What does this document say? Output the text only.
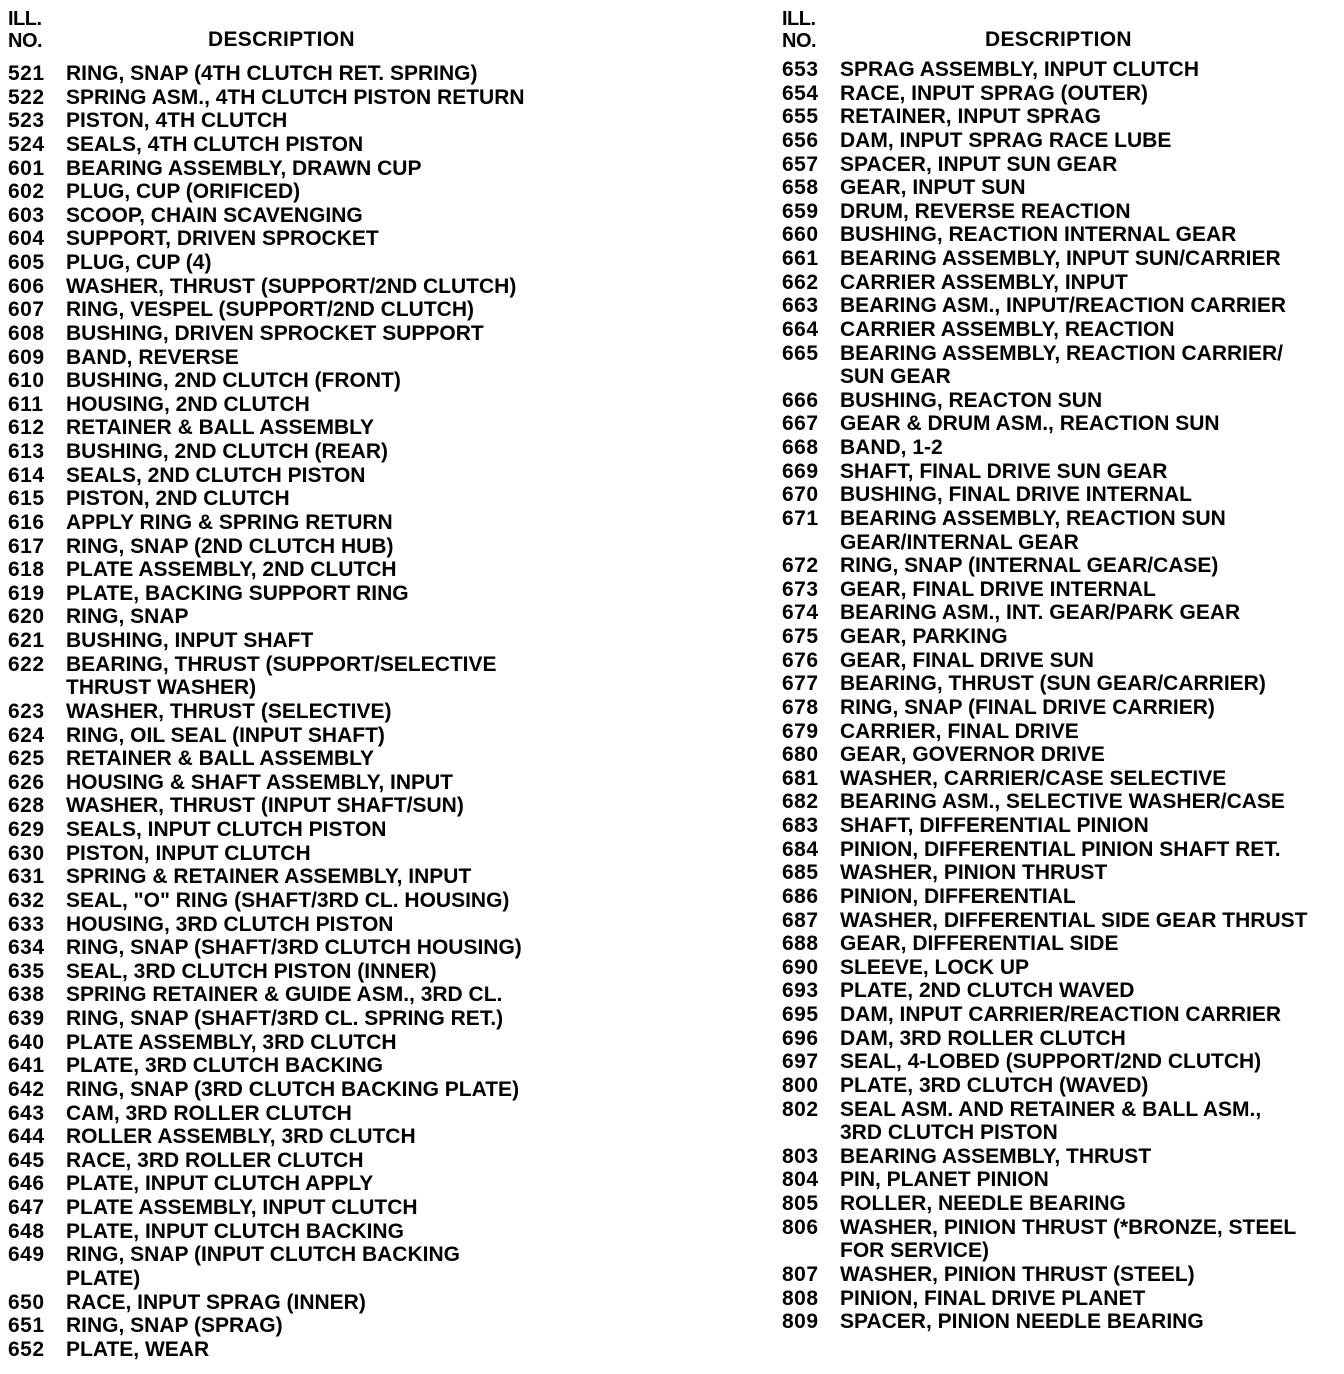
ILL.
NO.	DESCRIPTION
521	RING, SNAP (4TH CLUTCH RET. SPRING)
522	SPRING ASM., 4TH CLUTCH PISTON RETURN
523	PISTON, 4TH CLUTCH
524	SEALS, 4TH CLUTCH PISTON
601	BEARING ASSEMBLY, DRAWN CUP
602	PLUG, CUP (ORIFICED)
603	SCOOP, CHAIN SCAVENGING
604	SUPPORT, DRIVEN SPROCKET
605	PLUG, CUP (4)
606	WASHER, THRUST (SUPPORT/2ND CLUTCH)
607	RING, VESPEL (SUPPORT/2ND CLUTCH)
608	BUSHING, DRIVEN SPROCKET SUPPORT
609	BAND, REVERSE
610	BUSHING, 2ND CLUTCH (FRONT)
611	HOUSING, 2ND CLUTCH
612	RETAINER & BALL ASSEMBLY
613	BUSHING, 2ND CLUTCH (REAR)
614	SEALS, 2ND CLUTCH PISTON
615	PISTON, 2ND CLUTCH
616	APPLY RING & SPRING RETURN
617	RING, SNAP (2ND CLUTCH HUB)
618	PLATE ASSEMBLY, 2ND CLUTCH
619	PLATE, BACKING SUPPORT RING
620	RING, SNAP
621	BUSHING, INPUT SHAFT
622	BEARING, THRUST (SUPPORT/SELECTIVE
THRUST WASHER)
623	WASHER, THRUST (SELECTIVE)
624	RING, OIL SEAL (INPUT SHAFT)
625	RETAINER & BALL ASSEMBLY
626	HOUSING & SHAFT ASSEMBLY, INPUT
628	WASHER, THRUST (INPUT SHAFT/SUN)
629	SEALS, INPUT CLUTCH PISTON
630	PISTON, INPUT CLUTCH
631	SPRING & RETAINER ASSEMBLY, INPUT
632	SEAL, "O" RING (SHAFT/3RD CL. HOUSING)
633	HOUSING, 3RD CLUTCH PISTON
634	RING, SNAP (SHAFT/3RD CLUTCH HOUSING)
635	SEAL, 3RD CLUTCH PISTON (INNER)
638	SPRING RETAINER & GUIDE ASM., 3RD CL.
639	RING, SNAP (SHAFT/3RD CL. SPRING RET.)
640	PLATE ASSEMBLY, 3RD CLUTCH
641	PLATE, 3RD CLUTCH BACKING
642	RING, SNAP (3RD CLUTCH BACKING PLATE)
643	CAM, 3RD ROLLER CLUTCH
644	ROLLER ASSEMBLY, 3RD CLUTCH
645	RACE, 3RD ROLLER CLUTCH
646	PLATE, INPUT CLUTCH APPLY
647	PLATE ASSEMBLY, INPUT CLUTCH
648	PLATE, INPUT CLUTCH BACKING
649	RING, SNAP (INPUT CLUTCH BACKING
PLATE)
650	RACE, INPUT SPRAG (INNER)
651	RING, SNAP (SPRAG)
652	PLATE, WEAR
ILL.
NO.	DESCRIPTION
653	SPRAG ASSEMBLY, INPUT CLUTCH
654	RACE, INPUT SPRAG (OUTER)
655	RETAINER, INPUT SPRAG
656	DAM, INPUT SPRAG RACE LUBE
657	SPACER, INPUT SUN GEAR
658	GEAR, INPUT SUN
659	DRUM, REVERSE REACTION
660	BUSHING, REACTION INTERNAL GEAR
661	BEARING ASSEMBLY, INPUT SUN/CARRIER
662	CARRIER ASSEMBLY, INPUT
663	BEARING ASM., INPUT/REACTION CARRIER
664	CARRIER ASSEMBLY, REACTION
665	BEARING ASSEMBLY, REACTION CARRIER/
SUN GEAR
666	BUSHING, REACTON SUN
667	GEAR & DRUM ASM., REACTION SUN
668	BAND, 1-2
669	SHAFT, FINAL DRIVE SUN GEAR
670	BUSHING, FINAL DRIVE INTERNAL
671	BEARING ASSEMBLY, REACTION SUN
GEAR/INTERNAL GEAR
672	RING, SNAP (INTERNAL GEAR/CASE)
673	GEAR, FINAL DRIVE INTERNAL
674	BEARING ASM., INT. GEAR/PARK GEAR
675	GEAR, PARKING
676	GEAR, FINAL DRIVE SUN
677	BEARING, THRUST (SUN GEAR/CARRIER)
678	RING, SNAP (FINAL DRIVE CARRIER)
679	CARRIER, FINAL DRIVE
680	GEAR, GOVERNOR DRIVE
681	WASHER, CARRIER/CASE SELECTIVE
682	BEARING ASM., SELECTIVE WASHER/CASE
683	SHAFT, DIFFERENTIAL PINION
684	PINION, DIFFERENTIAL PINION SHAFT RET.
685	WASHER, PINION THRUST
686	PINION, DIFFERENTIAL
687	WASHER, DIFFERENTIAL SIDE GEAR THRUST
688	GEAR, DIFFERENTIAL SIDE
690	SLEEVE, LOCK UP
693	PLATE, 2ND CLUTCH WAVED
695	DAM, INPUT CARRIER/REACTION CARRIER
696	DAM, 3RD ROLLER CLUTCH
697	SEAL, 4-LOBED (SUPPORT/2ND CLUTCH)
800	PLATE, 3RD CLUTCH (WAVED)
802	SEAL ASM. AND RETAINER & BALL ASM.,
3RD CLUTCH PISTON
803	BEARING ASSEMBLY, THRUST
804	PIN, PLANET PINION
805	ROLLER, NEEDLE BEARING
806	WASHER, PINION THRUST (*BRONZE, STEEL
FOR SERVICE)
807	WASHER, PINION THRUST (STEEL)
808	PINION, FINAL DRIVE PLANET
809	SPACER, PINION NEEDLE BEARING
